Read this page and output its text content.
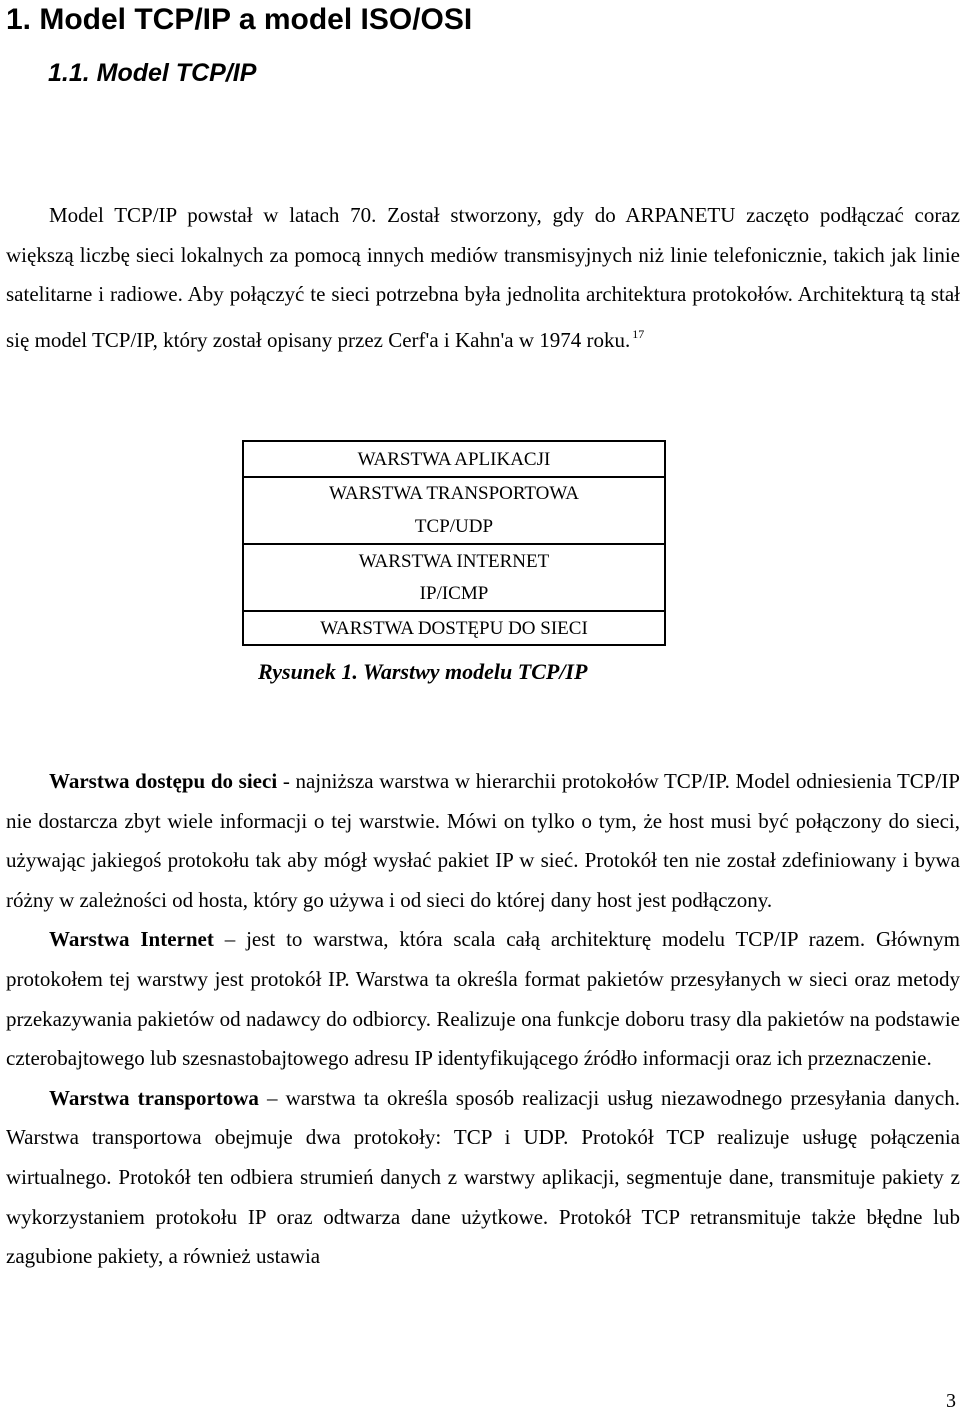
1. Model TCP/IP a model ISO/OSI
1.1. Model TCP/IP

Model TCP/IP powstał w latach 70. Został stworzony, gdy do ARPANETU zaczęto podłączać coraz większą liczbę sieci lokalnych za pomocą innych mediów transmisyjnych niż linie telefonicznie, takich jak linie satelitarne i radiowe. Aby połączyć te sieci potrzebna była jednolita architektura protokołów. Architekturą tą stał się model TCP/IP, który został opisany przez Cerf'a i Kahn'a w 1974 roku. $^{17}$

WARSTWA APLIKACJI
WARSTWA TRANSPORTOWA
TCP/UDP
WARSTWA INTERNET
IP/ICMP
WARSTWA DOSTĘPU DO SIECI

Rysunek 1. Warstwy modelu TCP/IP

Warstwa dostępu do sieci - najniższa warstwa w hierarchii protokołów TCP/IP. Model odniesienia TCP/IP nie dostarcza zbyt wiele informacji o tej warstwie. Mówi on tylko o tym, że host musi być połączony do sieci, używając jakiegoś protokołu tak aby mógł wysłać pakiet IP w sieć. Protokół ten nie został zdefiniowany i bywa różny w zależności od hosta, który go używa i od sieci do której dany host jest podłączony.
Warstwa Internet – jest to warstwa, która scala całą architekturę modelu TCP/IP razem. Głównym protokołem tej warstwy jest protokół IP. Warstwa ta określa format pakietów przesyłanych w sieci oraz metody przekazywania pakietów od nadawcy do odbiorcy. Realizuje ona funkcje doboru trasy dla pakietów na podstawie czterobajtowego lub szesnastobajtowego adresu IP identyfikującego źródło informacji oraz ich przeznaczenie.
Warstwa transportowa – warstwa ta określa sposób realizacji usług niezawodnego przesyłania danych. Warstwa transportowa obejmuje dwa protokoły: TCP i UDP. Protokół TCP realizuje usługę połączenia wirtualnego. Protokół ten odbiera strumień danych z warstwy aplikacji, segmentuje dane, transmituje pakiety z wykorzystaniem protokołu IP oraz odtwarza dane użytkowe. Protokół TCP retransmituje także błędne lub zagubione pakiety, a również ustawia
3
